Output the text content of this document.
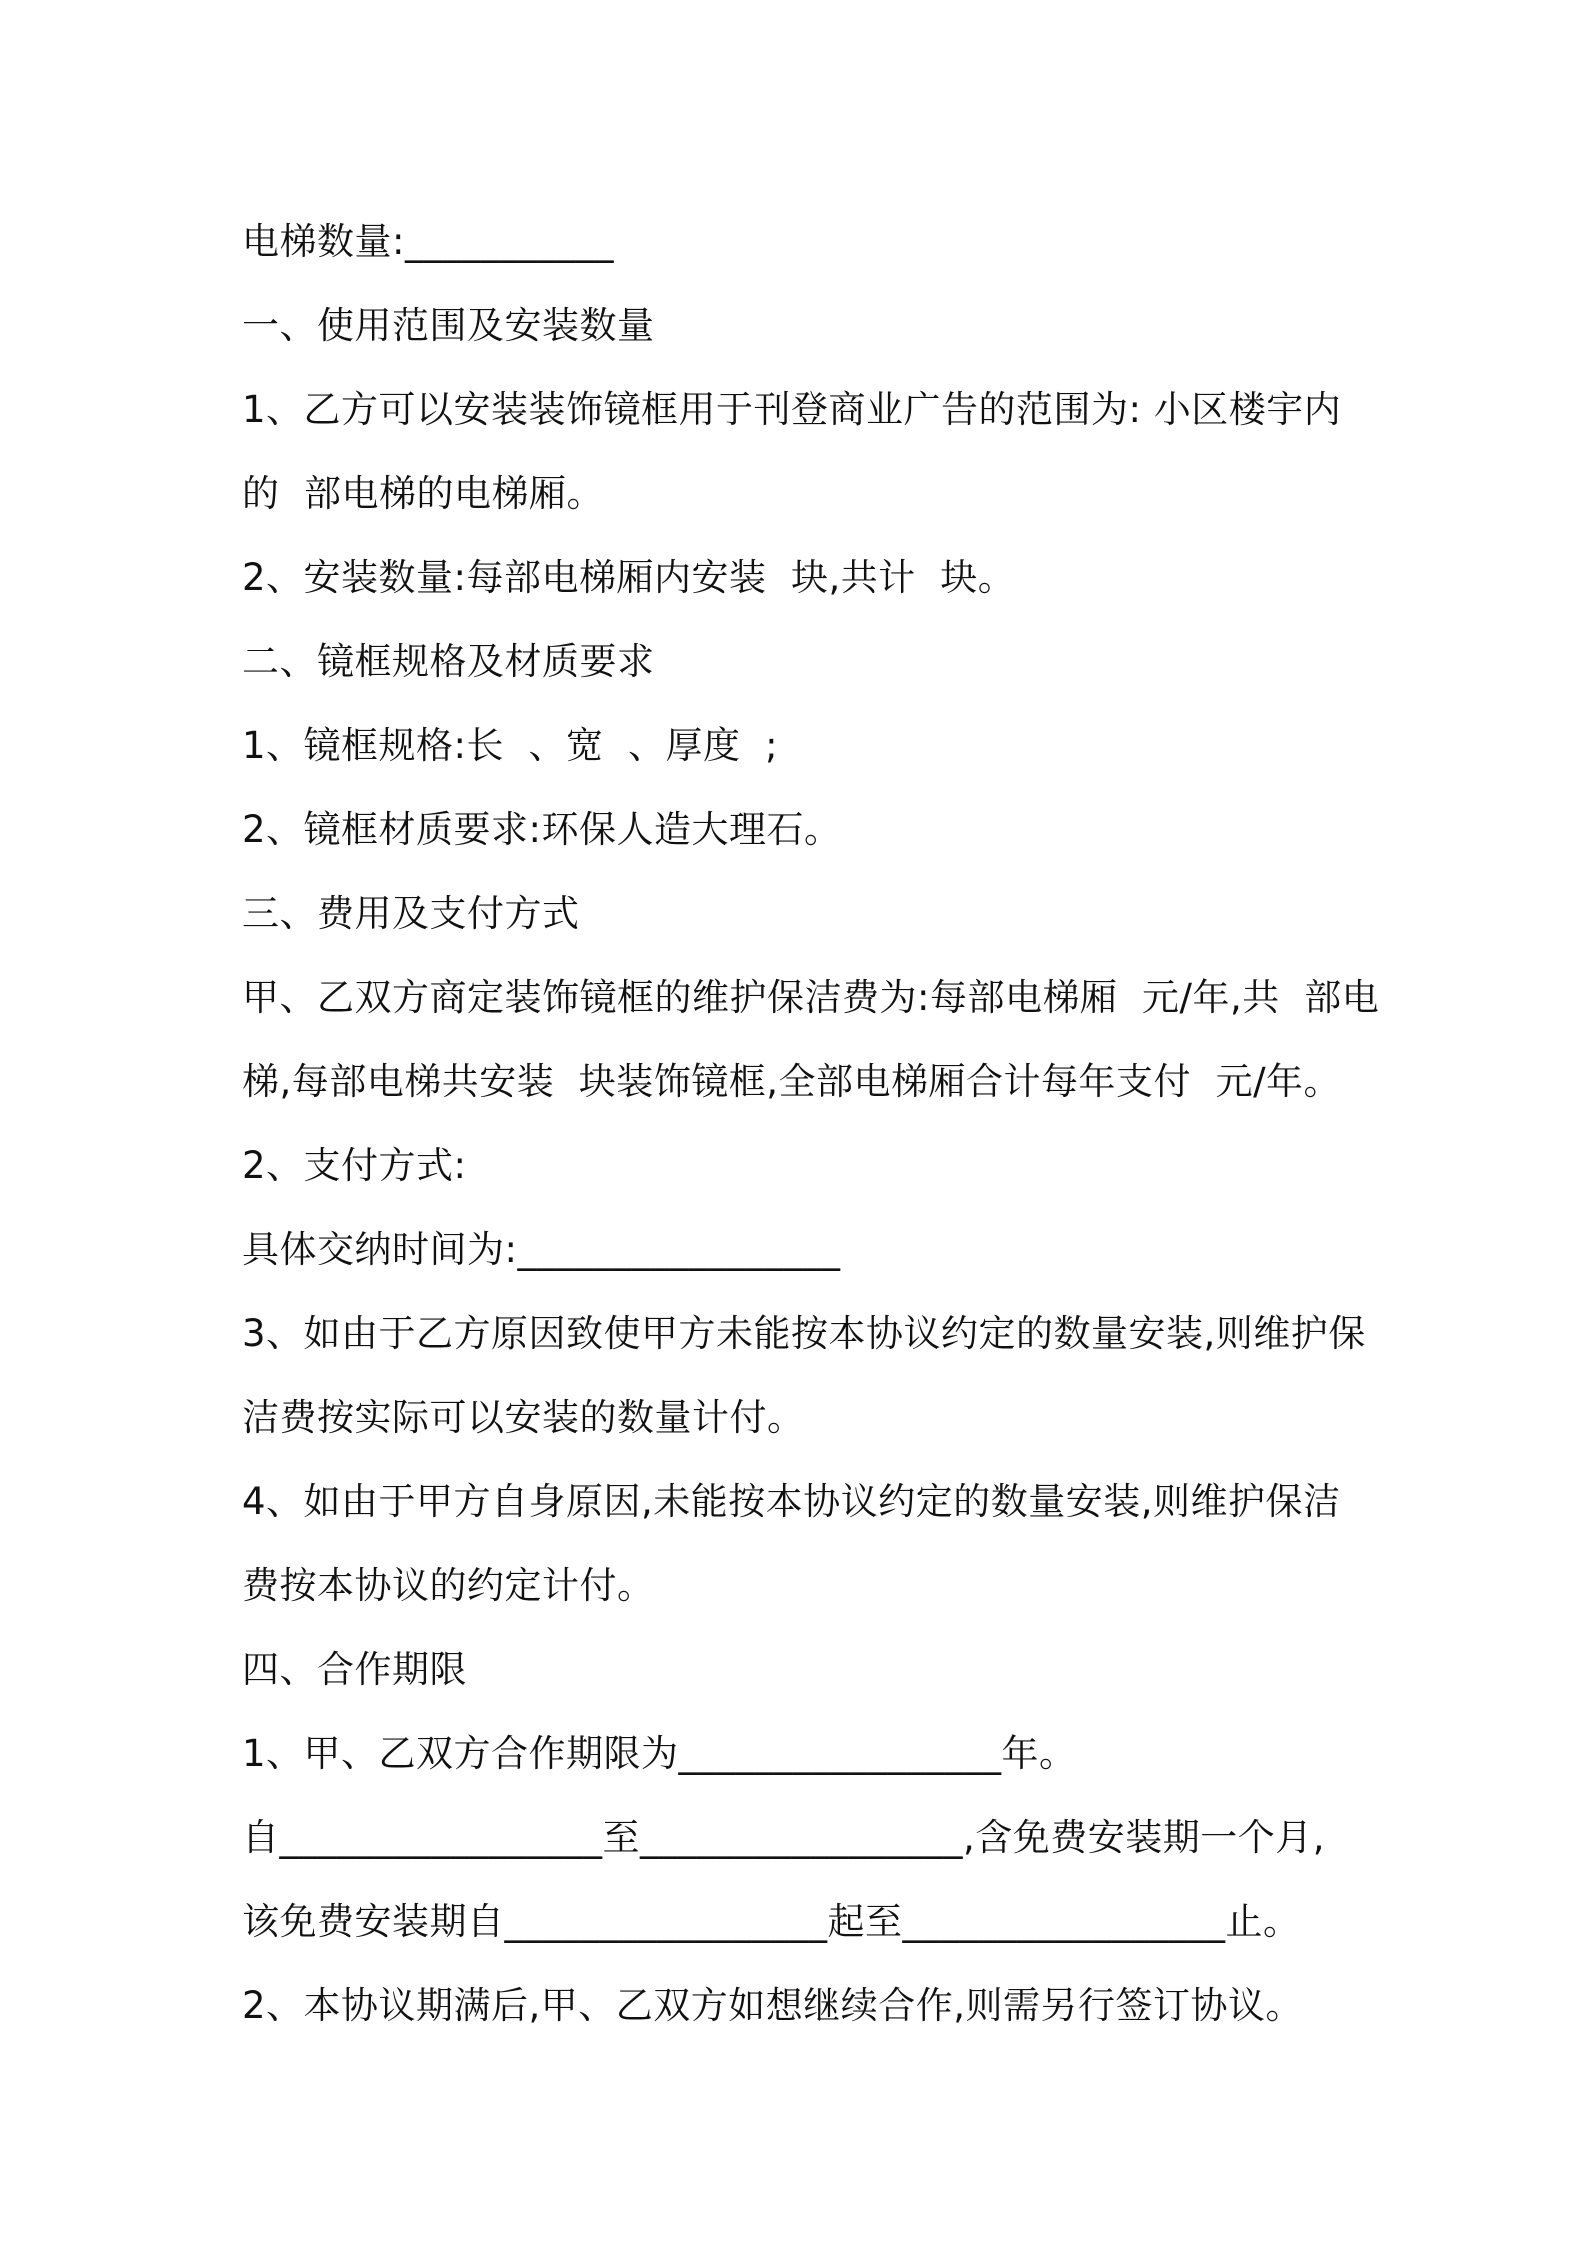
电梯数量:___________
一、使用范围及安装数量
1、乙方可以安装装饰镜框用于刊登商业广告的范围为: 小区楼宇内
的  部电梯的电梯厢。
2、安装数量:每部电梯厢内安装  块,共计  块。
二、镜框规格及材质要求
1、镜框规格:长  、宽  、厚度  ;
2、镜框材质要求:环保人造大理石。
三、费用及支付方式
甲、乙双方商定装饰镜框的维护保洁费为:每部电梯厢  元/年,共  部电
梯,每部电梯共安装  块装饰镜框,全部电梯厢合计每年支付  元/年。
2、支付方式:
具体交纳时间为:_________________
3、如由于乙方原因致使甲方未能按本协议约定的数量安装,则维护保
洁费按实际可以安装的数量计付。
4、如由于甲方自身原因,未能按本协议约定的数量安装,则维护保洁
费按本协议的约定计付。
四、合作期限
1、甲、乙双方合作期限为_________________年。
自_________________至_________________,含免费安装期一个月,
该免费安装期自_________________起至_________________止。
2、本协议期满后,甲、乙双方如想继续合作,则需另行签订协议。
